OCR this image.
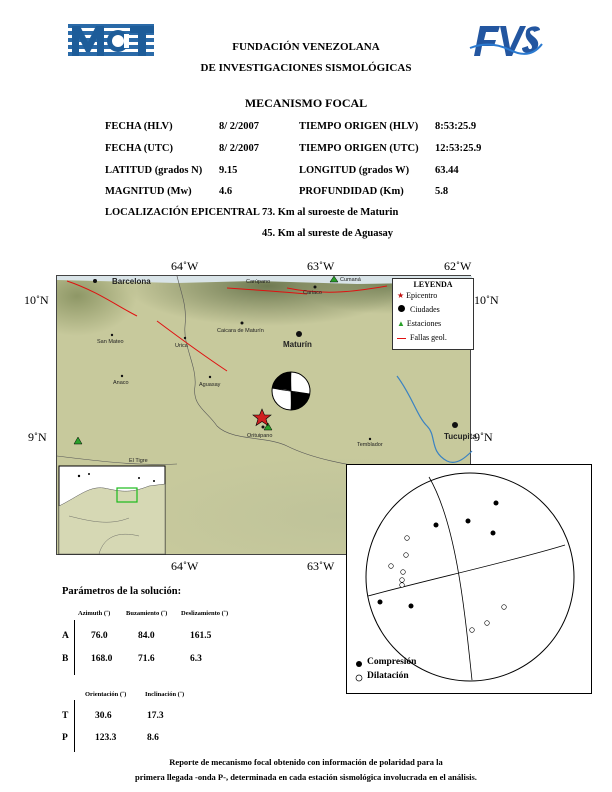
FUNDACIÓN VENEZOLANA
DE INVESTIGACIONES SISMOLÓGICAS
MECANISMO FOCAL
FECHA (HLV)	8/ 2/2007	TIEMPO ORIGEN (HLV) 8:53:25.9
FECHA (UTC)	8/ 2/2007	TIEMPO ORIGEN (UTC) 12:53:25.9
LATITUD (grados N) 9.15	LONGITUD (grados W) 63.44
MAGNITUD (Mw)	4.6	PROFUNDIDAD (Km)	5.8
LOCALIZACIÓN EPICENTRAL 73. Km al suroeste de Maturin
45. Km al sureste de Aguasay
64˚W	63˚W	62˚W
64˚W	63˚W
10˚N	10˚N
9˚N	9˚N
Barcelona	Carúpano	Cumaná
Cariaco
Caicara de Maturín
Maturín
San Mateo
Urica
Anaco	Aguasay
Orituipano
Temblador
Tucupita
El Tigre
LEYENDA
★ Epicentro
Ciudades
▲ Estaciones
Fallas geol.
Parámetros de la solución:
Azimuth (˚) Buzamiento (˚) Deslizamiento (˚)
A 76.0	84.0	161.5
B 168.0	71.6	6.3
Orientación (˚)	Inclinación (˚)
T	30.6	17.3
P	123.3	8.6
Compresión
Dilatación
Reporte de mecanismo focal obtenido con información de polaridad para la
primera llegada -onda P-, determinada en cada estación sismológica involucrada en el análisis.
